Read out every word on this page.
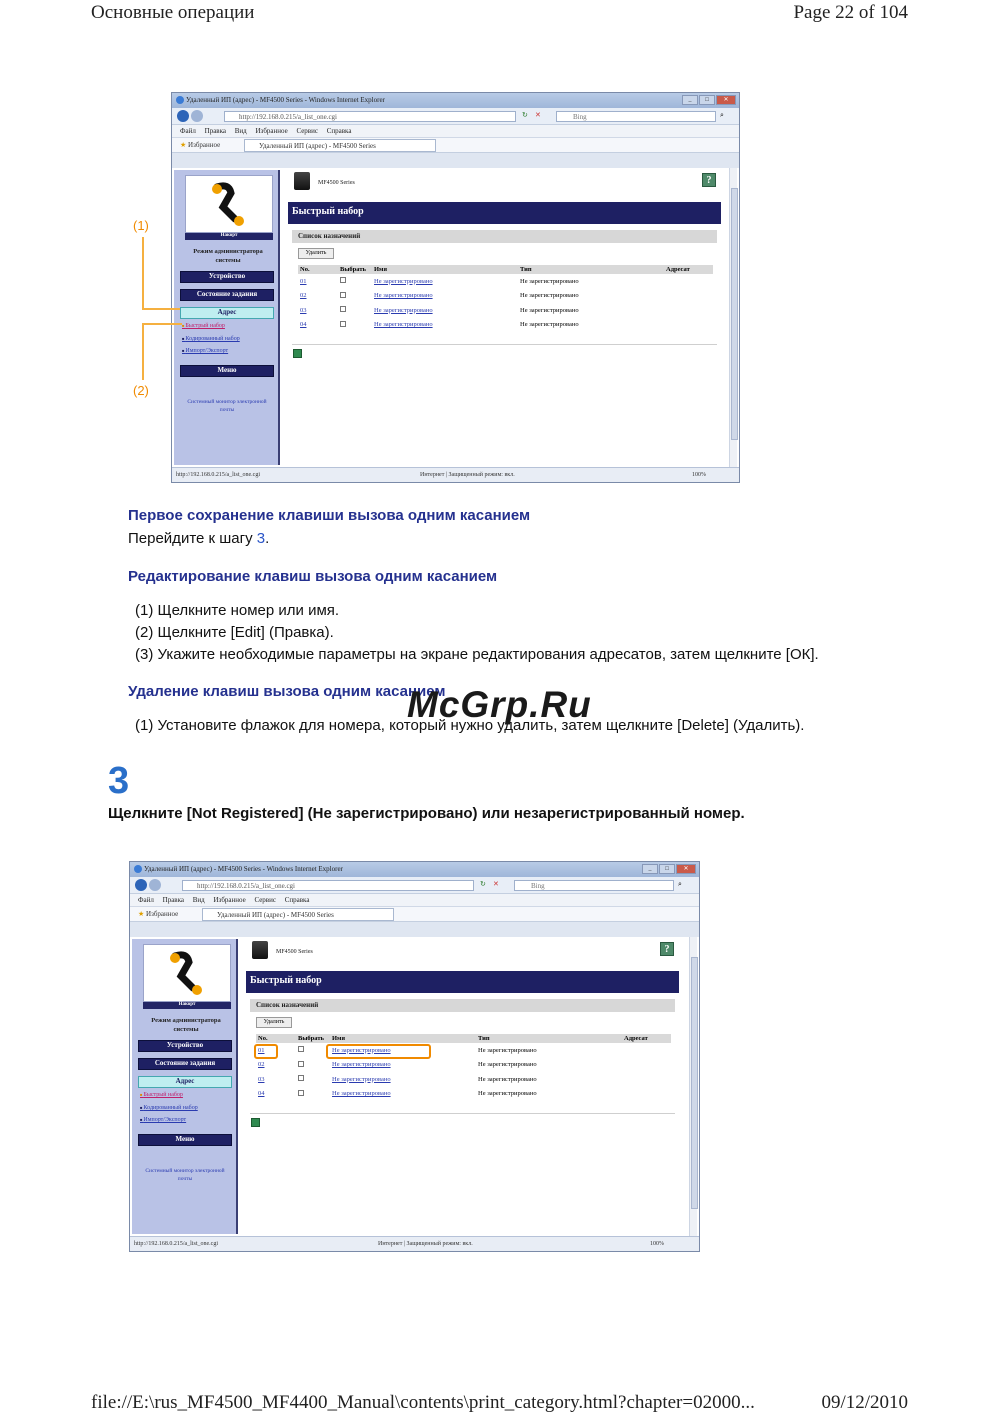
Основные операции	Page 22 of 104
Удаленный ИП (адрес) - MF4500 Series - Windows Internet Explorer	_	□	✕
http://192.168.0.215/a_list_one.cgi	↻ ✕	Bing	⌕
Файл Правка Вид Избранное Сервис Справка
★ Избранное	Удаленный ИП (адрес) - MF4500 Series
Накорт
Режим администратора системы
Устройство
Состояние задания
Адрес
■ Быстрый набор
■ Кодированный набор
■ Импорт/Экспорт
Меню
Системный монитор электронной почты
MF4500 Series	?
Быстрый набор
Список назначений
Удалить
No.	Выбрать	Имя	Тип	Адресат
01		Не зарегистрировано	Не зарегистрировано	
02		Не зарегистрировано	Не зарегистрировано	
03		Не зарегистрировано	Не зарегистрировано	
04		Не зарегистрировано	Не зарегистрировано	
http://192.168.0.215/a_list_one.cgi	Интернет | Защищенный режим: вкл.	100%
(1)
(2)
Первое сохранение клавиши вызова одним касанием
Перейдите к шагу 3.
Редактирование клавиш вызова одним касанием
(1) Щелкните номер или имя.
(2) Щелкните [Edit] (Правка).
(3) Укажите необходимые параметры на экране редактирования адресатов, затем щелкните [ОК].
Удаление клавиш вызова одним касанием
(1) Установите флажок для номера, который нужно удалить, затем щелкните [Delete] (Удалить).
McGrp.Ru
3
Щелкните [Not Registered] (Не зарегистрировано) или незарегистрированный номер.
Удаленный ИП (адрес) - MF4500 Series - Windows Internet Explorer	_	□	✕
http://192.168.0.215/a_list_one.cgi	↻ ✕	Bing	⌕
Файл Правка Вид Избранное Сервис Справка
★ Избранное	Удаленный ИП (адрес) - MF4500 Series
Накорт
Режим администратора системы
Устройство
Состояние задания
Адрес
■ Быстрый набор
■ Кодированный набор
■ Импорт/Экспорт
Меню
Системный монитор электронной почты
MF4500 Series	?
Быстрый набор
Список назначений
Удалить
No.	Выбрать	Имя	Тип	Адресат
01		Не зарегистрировано	Не зарегистрировано	
02		Не зарегистрировано	Не зарегистрировано	
03		Не зарегистрировано	Не зарегистрировано	
04		Не зарегистрировано	Не зарегистрировано	
http://192.168.0.215/a_list_one.cgi	Интернет | Защищенный режим: вкл.	100%
file://E:\rus_MF4500_MF4400_Manual\contents\print_category.html?chapter=02000...	09/12/2010
